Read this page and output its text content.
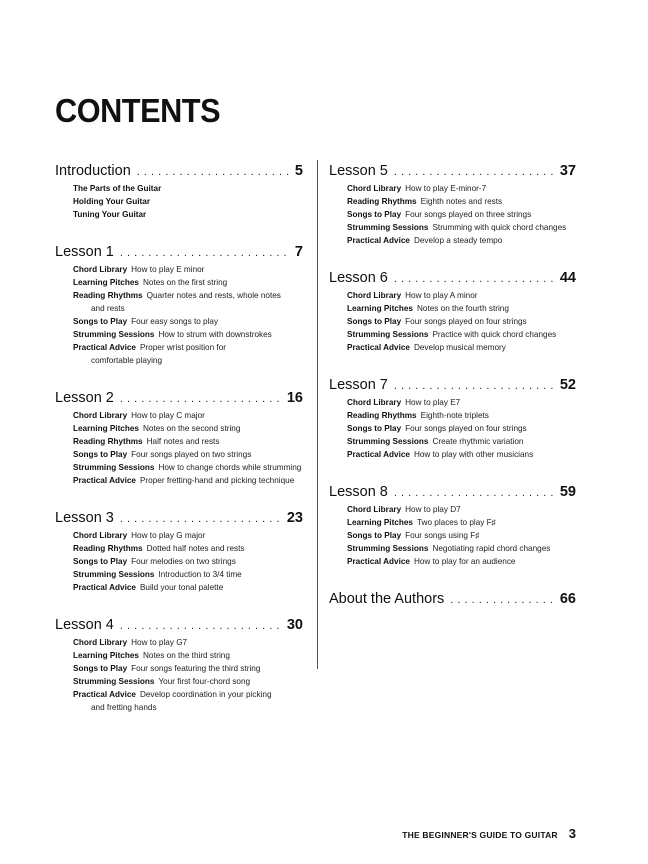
CONTENTS
Introduction . . .	5
The Parts of the Guitar
Holding Your Guitar
Tuning Your Guitar
Lesson 1 . . .	7
Chord Library How to play E minor
Learning Pitches Notes on the first string
Reading Rhythms Quarter notes and rests, whole notes
and rests
Songs to Play Four easy songs to play
Strumming Sessions How to strum with downstrokes
Practical Advice Proper wrist position for
comfortable playing
Lesson 2 . . .	16
Chord Library How to play C major
Learning Pitches Notes on the second string
Reading Rhythms Half notes and rests
Songs to Play Four songs played on two strings
Strumming Sessions How to change chords while strumming
Practical Advice Proper fretting-hand and picking technique
Lesson 3 . . .	23
Chord Library How to play G major
Reading Rhythms Dotted half notes and rests
Songs to Play Four melodies on two strings
Strumming Sessions Introduction to 3/4 time
Practical Advice Build your tonal palette
Lesson 4 . . .	30
Chord Library How to play G7
Learning Pitches Notes on the third string
Songs to Play Four songs featuring the third string
Strumming Sessions Your first four-chord song
Practical Advice Develop coordination in your picking
and fretting hands
Lesson 5 . . .	37
Chord Library How to play E-minor-7
Reading Rhythms Eighth notes and rests
Songs to Play Four songs played on three strings
Strumming Sessions Strumming with quick chord changes
Practical Advice Develop a steady tempo
Lesson 6 . . .	44
Chord Library How to play A minor
Learning Pitches Notes on the fourth string
Songs to Play Four songs played on four strings
Strumming Sessions Practice with quick chord changes
Practical Advice Develop musical memory
Lesson 7 . . .	52
Chord Library How to play E7
Reading Rhythms Eighth-note triplets
Songs to Play Four songs played on four strings
Strumming Sessions Create rhythmic variation
Practical Advice How to play with other musicians
Lesson 8 . . .	59
Chord Library How to play D7
Learning Pitches Two places to play F♯
Songs to Play Four songs using F♯
Strumming Sessions Negotiating rapid chord changes
Practical Advice How to play for an audience
About the Authors . . .	66
THE BEGINNER'S GUIDE TO GUITAR 3
